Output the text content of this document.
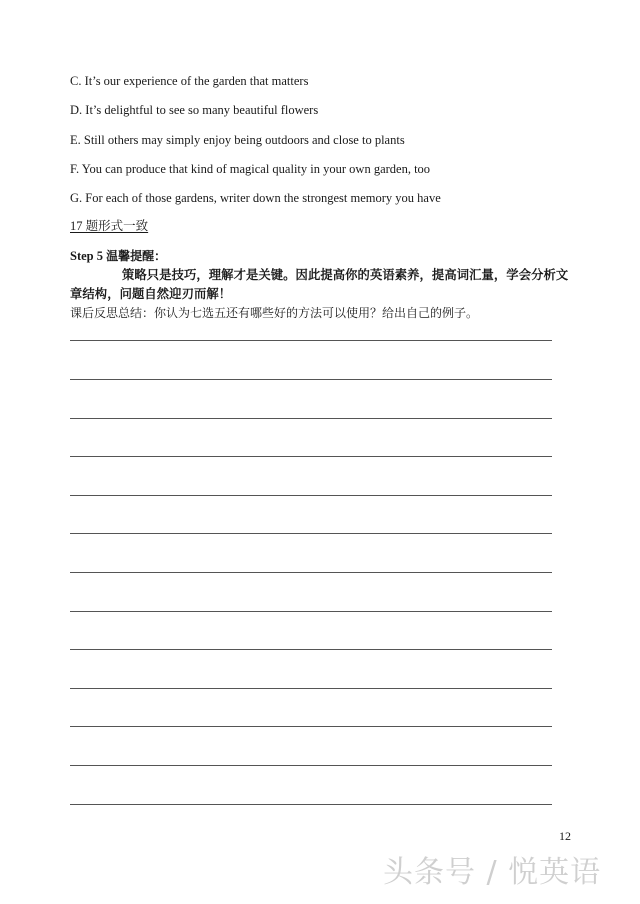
C. It’s our experience of the garden that matters
D. It’s delightful to see so many beautiful flowers
E. Still others may simply enjoy being outdoors and close to plants
F. You can produce that kind of magical quality in your own garden, too
G. For each of those gardens, writer down the strongest memory you have
17 题形式一致
Step 5 温馨提醒：
策略只是技巧，理解才是关键。因此提高你的英语素养，提高词汇量，学会分析文章结构，问题自然迎刃而解！
课后反思总结：你认为七选五还有哪些好的方法可以使用？给出自己的例子。
12
头条号 / 悦英语
